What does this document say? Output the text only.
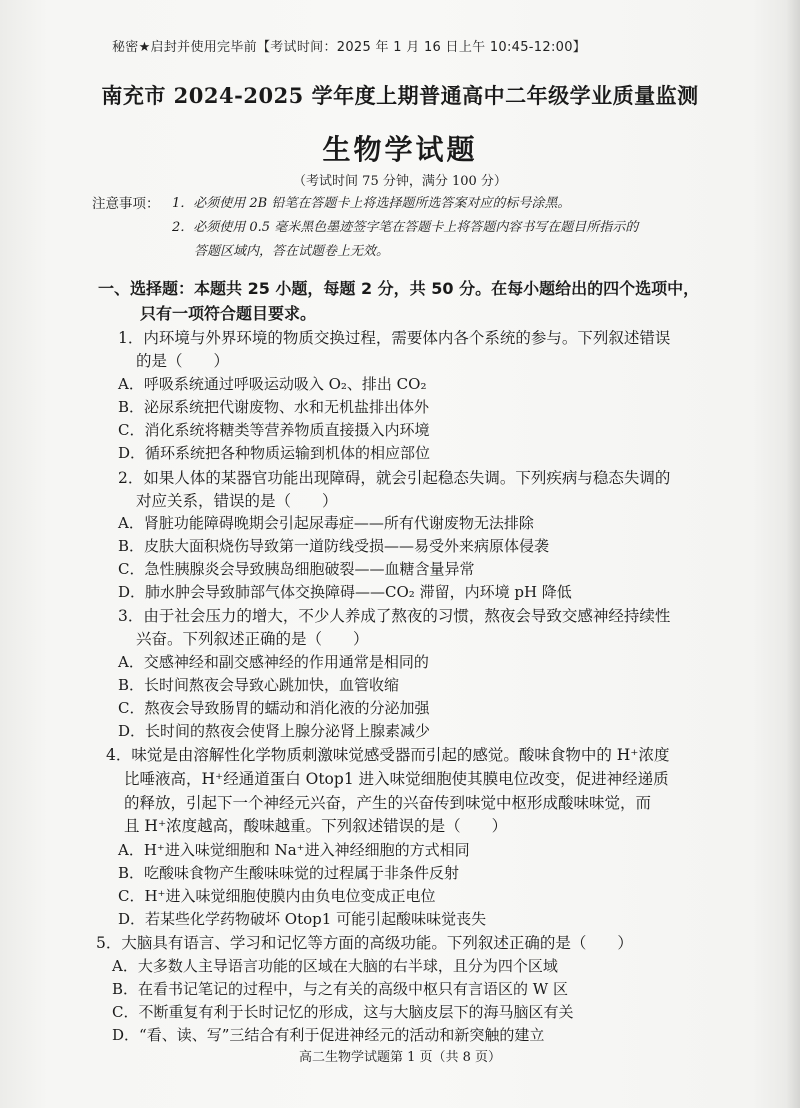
秘密★启封并使用完毕前【考试时间：2025 年 1 月 16 日上午 10:45-12:00】
南充市 2024-2025 学年度上期普通高中二年级学业质量监测
生物学试题
（考试时间 75 分钟，满分 100 分）
注意事项： 1．必须使用 2B 铅笔在答题卡上将选择题所选答案对应的标号涂黑。
2．必须使用 0.5 毫米黑色墨迹签字笔在答题卡上将答题内容书写在题目所指示的
答题区域内，答在试题卷上无效。
一、选择题：本题共 25 小题，每题 2 分，共 50 分。在每小题给出的四个选项中，
只有一项符合题目要求。
1．内环境与外界环境的物质交换过程，需要体内各个系统的参与。下列叙述错误
的是（　　）
A．呼吸系统通过呼吸运动吸入 O₂、排出 CO₂
B．泌尿系统把代谢废物、水和无机盐排出体外
C．消化系统将糖类等营养物质直接摄入内环境
D．循环系统把各种物质运输到机体的相应部位
2．如果人体的某器官功能出现障碍，就会引起稳态失调。下列疾病与稳态失调的
对应关系，错误的是（　　）
A．肾脏功能障碍晚期会引起尿毒症——所有代谢废物无法排除
B．皮肤大面积烧伤导致第一道防线受损——易受外来病原体侵袭
C．急性胰腺炎会导致胰岛细胞破裂——血糖含量异常
D．肺水肿会导致肺部气体交换障碍——CO₂ 滞留，内环境 pH 降低
3．由于社会压力的增大，不少人养成了熬夜的习惯，熬夜会导致交感神经持续性
兴奋。下列叙述正确的是（　　）
A．交感神经和副交感神经的作用通常是相同的
B．长时间熬夜会导致心跳加快，血管收缩
C．熬夜会导致肠胃的蠕动和消化液的分泌加强
D．长时间的熬夜会使肾上腺分泌肾上腺素减少
4．味觉是由溶解性化学物质刺激味觉感受器而引起的感觉。酸味食物中的 H⁺浓度
比唾液高，H⁺经通道蛋白 Otop1 进入味觉细胞使其膜电位改变，促进神经递质
的释放，引起下一个神经元兴奋，产生的兴奋传到味觉中枢形成酸味味觉，而
且 H⁺浓度越高，酸味越重。下列叙述错误的是（　　）
A．H⁺进入味觉细胞和 Na⁺进入神经细胞的方式相同
B．吃酸味食物产生酸味味觉的过程属于非条件反射
C．H⁺进入味觉细胞使膜内由负电位变成正电位
D．若某些化学药物破坏 Otop1 可能引起酸味味觉丧失
5．大脑具有语言、学习和记忆等方面的高级功能。下列叙述正确的是（　　）
A．大多数人主导语言功能的区域在大脑的右半球，且分为四个区域
B．在看书记笔记的过程中，与之有关的高级中枢只有言语区的 W 区
C．不断重复有利于长时记忆的形成，这与大脑皮层下的海马脑区有关
D．“看、读、写”三结合有利于促进神经元的活动和新突触的建立
高二生物学试题第 1 页（共 8 页）
